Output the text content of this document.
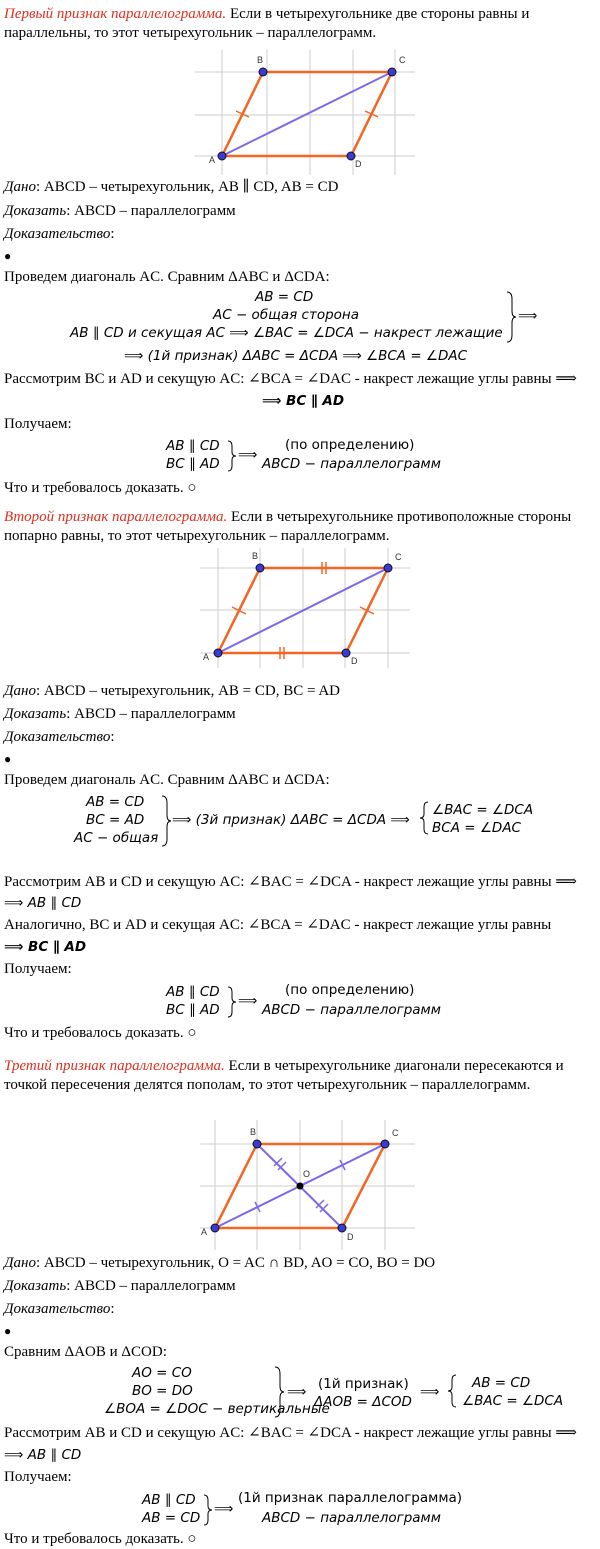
Первый признак параллелограмма. Если в четырехугольнике две стороны равны и параллельны, то этот четырехугольник – параллелограмм.
A
B	C
D
Дано: ABCD – четырехугольник, AB ∥ CD, AB = CD
Доказать: ABCD – параллелограмм
Доказательство:
●
Проведем диагональ AC. Сравним ΔABC и ΔCDA:
AB = CD
AC − общая сторона
AB ∥ CD и секущая AC ⟹ ∠BAC = ∠DCA − накрест лежащие
⟹
⟹ (1й признак) ΔABC = ΔCDA ⟹ ∠BCA = ∠DAC
Рассмотрим BC и AD и секущую AC: ∠BCA = ∠DAC - накрест лежащие углы равны ⟹
⟹ BC ∥ AD
Получаем:
AB ∥ CD
BC ∥ AD
⟹
(по определению)
ABCD − параллелограмм
Что и требовалось доказать. ○
Второй признак параллелограмма. Если в четырехугольнике противоположные стороны попарно равны, то этот четырехугольник – параллелограмм.
A
B	C
D
Дано: ABCD – четырехугольник, AB = CD, BC = AD
Доказать: ABCD – параллелограмм
Доказательство:
●
Проведем диагональ AC. Сравним ΔABC и ΔCDA:
AB = CD
BC = AD
AC − общая
⟹ (3й признак) ΔABC = ΔCDA ⟹
∠BAC = ∠DCA
BCA = ∠DAC
Рассмотрим AB и CD и секущую AC: ∠BAC = ∠DCA - накрест лежащие углы равны ⟹
⟹ AB ∥ CD
Аналогично, BC и AD и секущая AC: ∠BCA = ∠DAC - накрест лежащие углы равны
⟹ BC ∥ AD
Получаем:
AB ∥ CD
BC ∥ AD
⟹
(по определению)
ABCD − параллелограмм
Что и требовалось доказать. ○
Третий признак параллелограмма. Если в четырехугольнике диагонали пересекаются и точкой пересечения делятся пополам, то этот четырехугольник – параллелограмм.
A
B	C
D
O
Дано: ABCD – четырехугольник, O = AC ∩ BD, AO = CO, BO = DO
Доказать: ABCD – параллелограмм
Доказательство:
●
Сравним ΔAOB и ΔCOD:
AO = CO
BO = DO
∠BOA = ∠DOC − вертикальные
⟹ (1й признак)
ΔAOB = ΔCOD
⟹
AB = CD
∠BAC = ∠DCA
Рассмотрим AB и CD и секущую AC: ∠BAC = ∠DCA - накрест лежащие углы равны ⟹
⟹ AB ∥ CD
Получаем:
AB ∥ CD
AB = CD
⟹
(1й признак параллелограмма)
ABCD − параллелограмм
Что и требовалось доказать. ○
